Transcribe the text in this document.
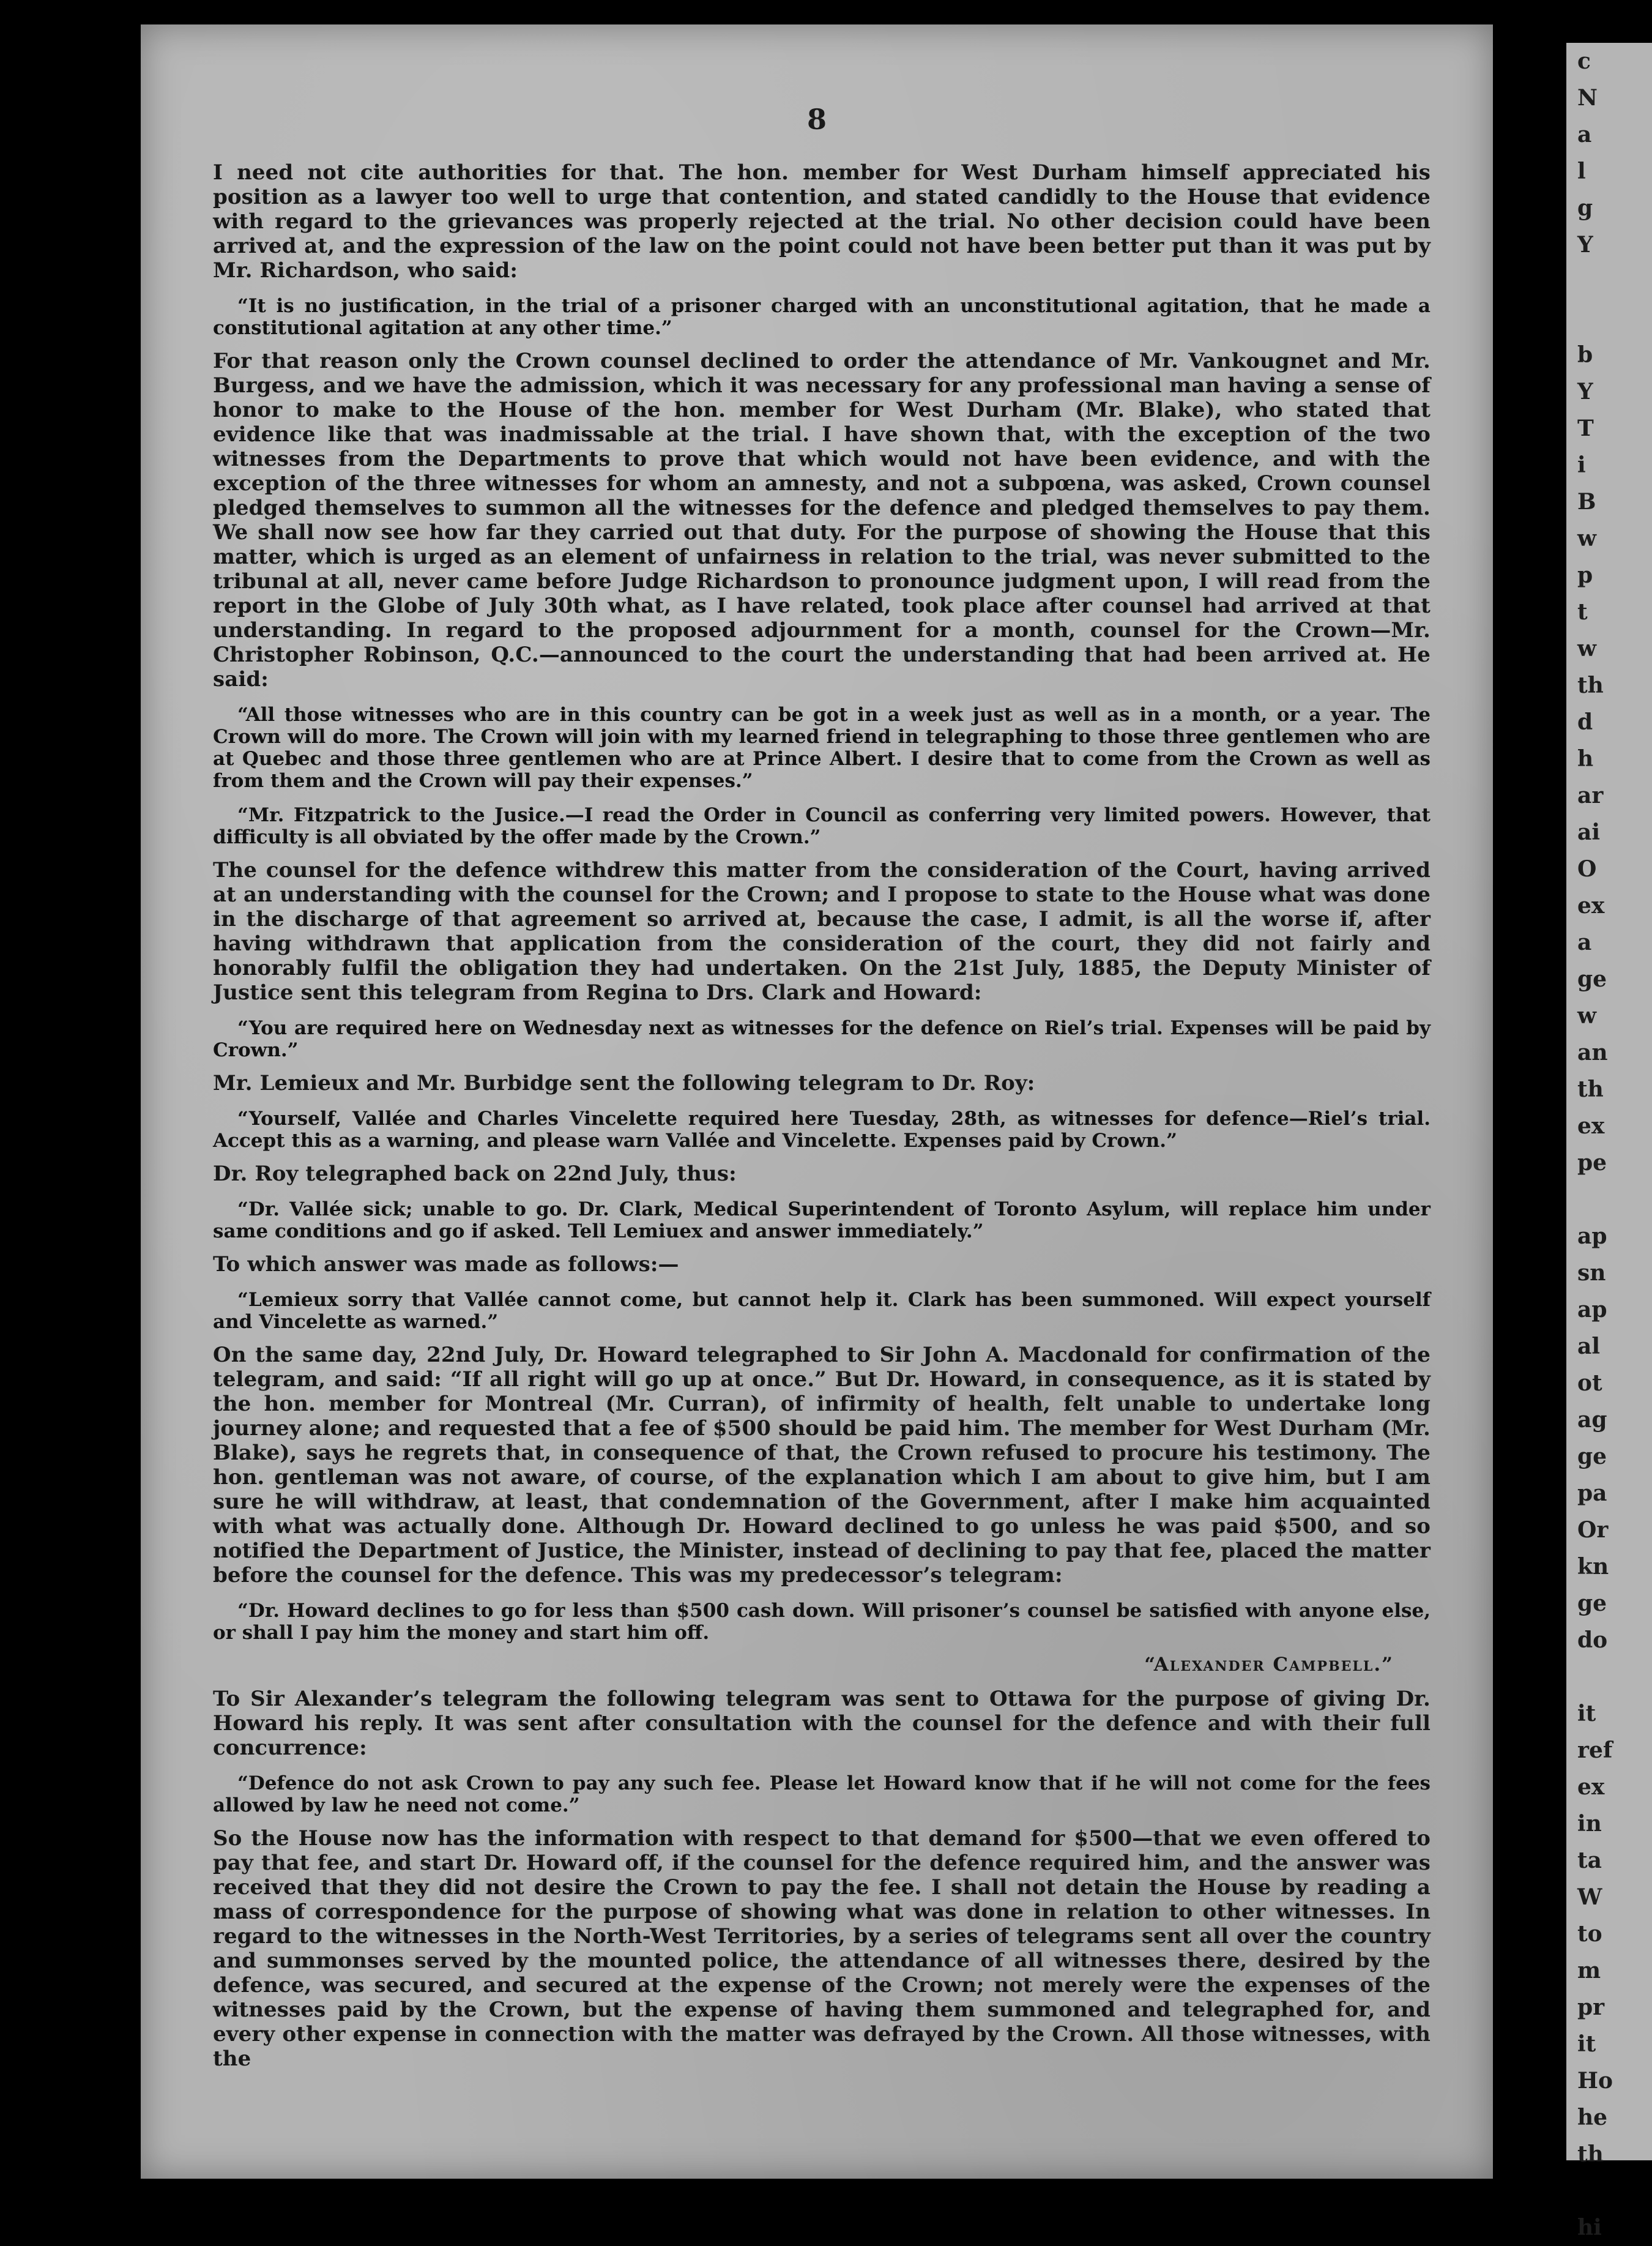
8

I need not cite authorities for that. The hon. member for West Durham himself appreciated his position as a lawyer too well to urge that contention, and stated candidly to the House that evidence with regard to the grievances was properly rejected at the trial. No other decision could have been arrived at, and the expression of the law on the point could not have been better put than it was put by Mr. Richardson, who said:

“It is no justification, in the trial of a prisoner charged with an unconstitutional agitation, that he made a constitutional agitation at any other time.”

For that reason only the Crown counsel declined to order the attendance of Mr. Vankougnet and Mr. Burgess, and we have the admission, which it was necessary for any professional man having a sense of honor to make to the House of the hon. member for West Durham (Mr. Blake), who stated that evidence like that was inadmissable at the trial. I have shown that, with the exception of the two witnesses from the Departments to prove that which would not have been evidence, and with the exception of the three witnesses for whom an amnesty, and not a subpœna, was asked, Crown counsel pledged themselves to summon all the witnesses for the defence and pledged themselves to pay them. We shall now see how far they carried out that duty. For the purpose of showing the House that this matter, which is urged as an element of unfairness in relation to the trial, was never submitted to the tribunal at all, never came before Judge Richardson to pronounce judgment upon, I will read from the report in the Globe of July 30th what, as I have related, took place after counsel had arrived at that understanding. In regard to the proposed adjournment for a month, counsel for the Crown—Mr. Christopher Robinson, Q.C.—announced to the court the understanding that had been arrived at. He said:

“All those witnesses who are in this country can be got in a week just as well as in a month, or a year. The Crown will do more. The Crown will join with my learned friend in telegraphing to those three gentlemen who are at Quebec and those three gentlemen who are at Prince Albert. I desire that to come from the Crown as well as from them and the Crown will pay their expenses.”

“Mr. Fitzpatrick to the Jusice.—I read the Order in Council as conferring very limited powers. However, that difficulty is all obviated by the offer made by the Crown.”

The counsel for the defence withdrew this matter from the consideration of the Court, having arrived at an understanding with the counsel for the Crown; and I propose to state to the House what was done in the discharge of that agreement so arrived at, because the case, I admit, is all the worse if, after having withdrawn that application from the consideration of the court, they did not fairly and honorably fulfil the obligation they had undertaken. On the 21st July, 1885, the Deputy Minister of Justice sent this telegram from Regina to Drs. Clark and Howard:

“You are required here on Wednesday next as witnesses for the defence on Riel’s trial. Expenses will be paid by Crown.”

Mr. Lemieux and Mr. Burbidge sent the following telegram to Dr. Roy:

“Yourself, Vallée and Charles Vincelette required here Tuesday, 28th, as witnesses for defence—Riel’s trial. Accept this as a warning, and please warn Vallée and Vincelette. Expenses paid by Crown.”

Dr. Roy telegraphed back on 22nd July, thus:

“Dr. Vallée sick; unable to go. Dr. Clark, Medical Superintendent of Toronto Asylum, will replace him under same conditions and go if asked. Tell Lemiuex and answer immediately.”

To which answer was made as follows:—

“Lemieux sorry that Vallée cannot come, but cannot help it. Clark has been summoned. Will expect yourself and Vincelette as warned.”

On the same day, 22nd July, Dr. Howard telegraphed to Sir John A. Macdonald for confirmation of the telegram, and said: “If all right will go up at once.” But Dr. Howard, in consequence, as it is stated by the hon. member for Montreal (Mr. Curran), of infirmity of health, felt unable to undertake long journey alone; and requested that a fee of $500 should be paid him. The member for West Durham (Mr. Blake), says he regrets that, in consequence of that, the Crown refused to procure his testimony. The hon. gentleman was not aware, of course, of the explanation which I am about to give him, but I am sure he will withdraw, at least, that condemnation of the Government, after I make him acquainted with what was actually done. Although Dr. Howard declined to go unless he was paid $500, and so notified the Department of Justice, the Minister, instead of declining to pay that fee, placed the matter before the counsel for the defence. This was my predecessor’s telegram:

“Dr. Howard declines to go for less than $500 cash down. Will prisoner’s counsel be satisfied with anyone else, or shall I pay him the money and start him off.

“Alexander Campbell.”

To Sir Alexander’s telegram the following telegram was sent to Ottawa for the purpose of giving Dr. Howard his reply. It was sent after consultation with the counsel for the defence and with their full concurrence:

“Defence do not ask Crown to pay any such fee. Please let Howard know that if he will not come for the fees allowed by law he need not come.”

So the House now has the information with respect to that demand for $500—that we even offered to pay that fee, and start Dr. Howard off, if the counsel for the defence required him, and the answer was received that they did not desire the Crown to pay the fee. I shall not detain the House by reading a mass of correspondence for the purpose of showing what was done in relation to other witnesses. In regard to the witnesses in the North-West Territories, by a series of telegrams sent all over the country and summonses served by the mounted police, the attendance of all witnesses there, desired by the defence, was secured, and secured at the expense of the Crown; not merely were the expenses of the witnesses paid by the Crown, but the expense of having them summoned and telegraphed for, and every other expense in connection with the matter was defrayed by the Crown. All those witnesses, with the

c
N
a
l
g
Y

b
Y
T
i
B
w
p
t
w
th
d
h
ar
ai
O
ex
a
ge
w
an
th
ex
pe

ap
sn
ap
al
ot
ag
ge
pa
Or
kn
ge
do

it
ref
ex
in
ta
W
to
m
pr
it
Ho
he
th

hi
